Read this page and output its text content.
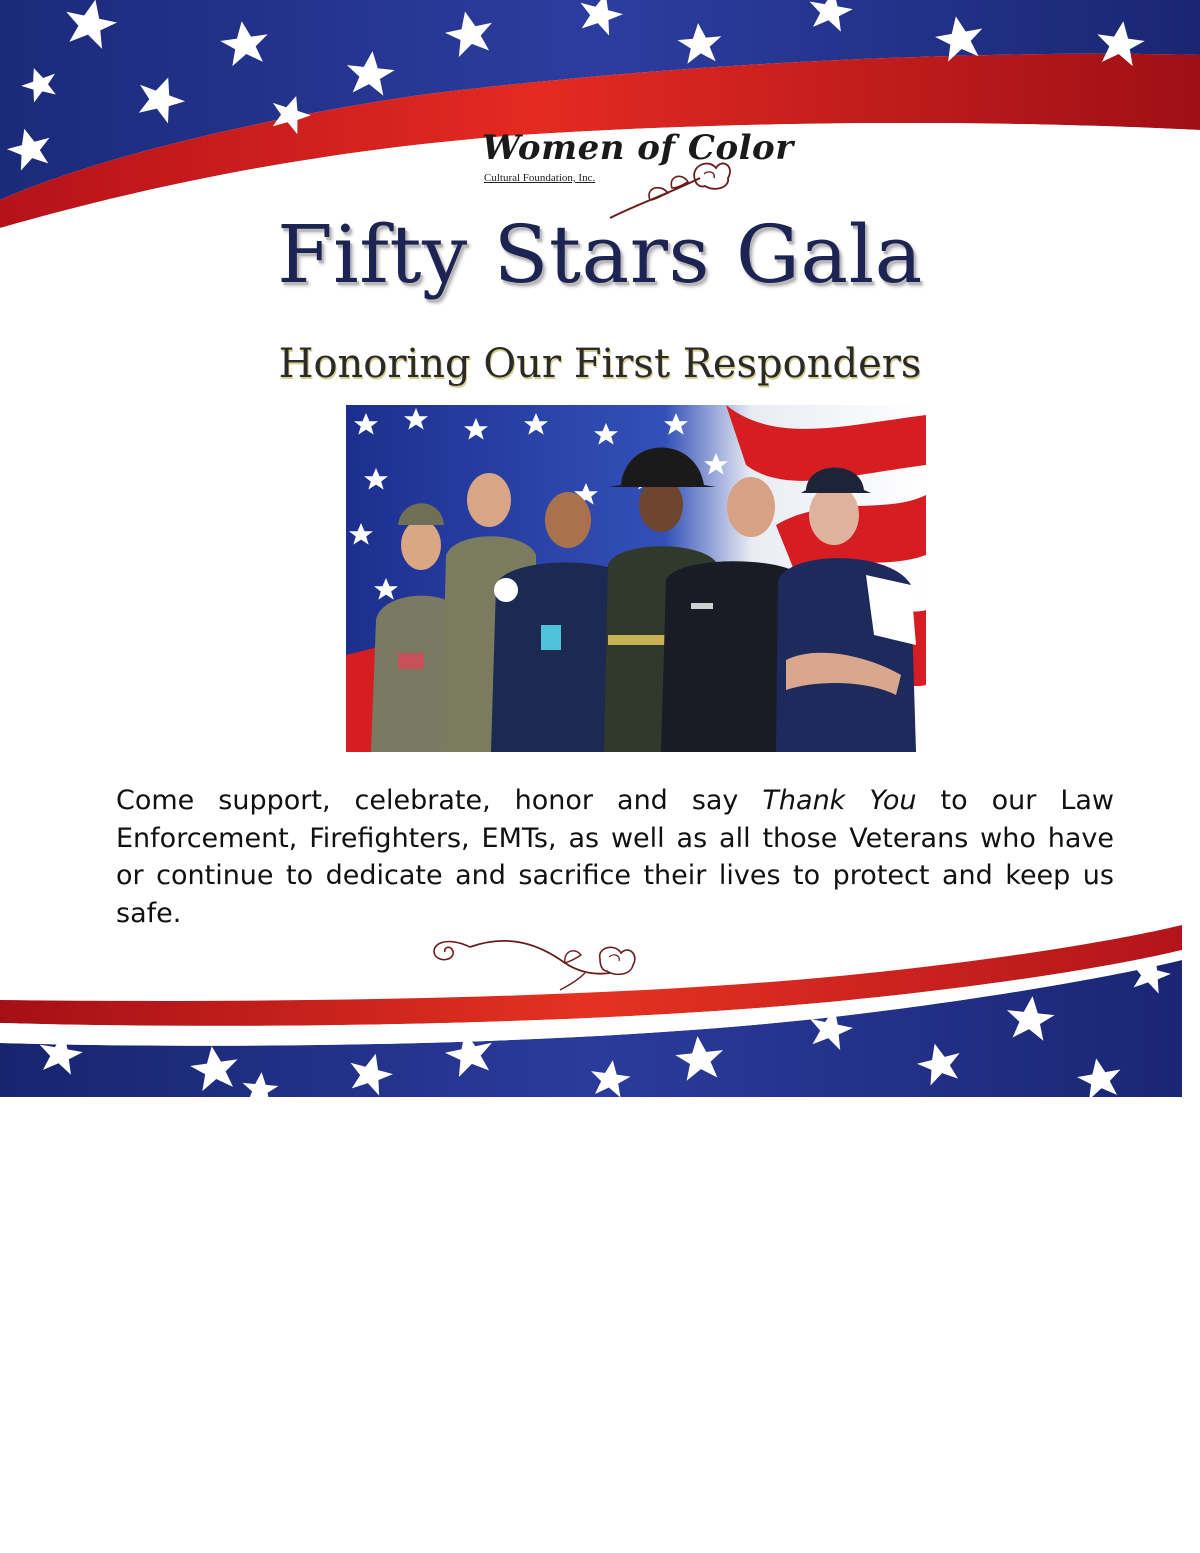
Women of Color
Cultural Foundation, Inc.
Fifty Stars Gala
Honoring Our First Responders
Come support, celebrate, honor and say Thank You to our Law Enforcement, Firefighters, EMTs, as well as all those Veterans who have or continue to dedicate and sacrifice their lives to protect and keep us safe.
